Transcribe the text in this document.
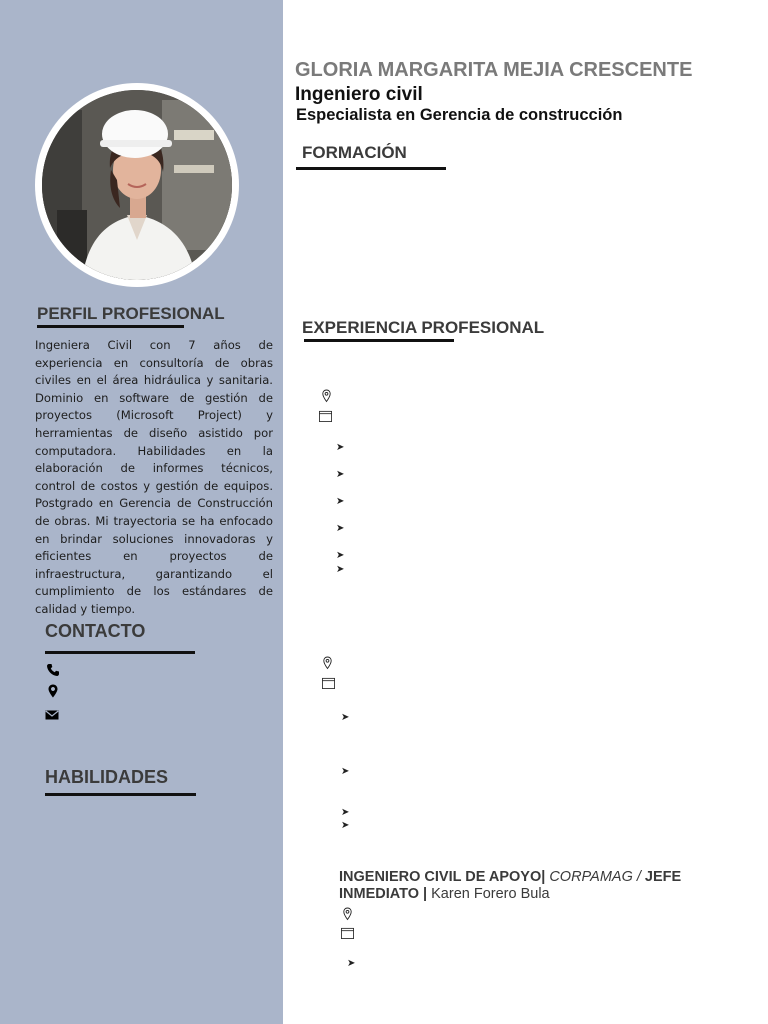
PERFIL PROFESIONAL

Ingeniera Civil con 7 años de experiencia en consultoría de obras civiles en el área hidráulica y sanitaria. Dominio en software de gestión de proyectos (Microsoft Project) y herramientas de diseño asistido por computadora. Habilidades en la elaboración de informes técnicos, control de costos y gestión de equipos. Postgrado en Gerencia de Construcción de obras. Mi trayectoria se ha enfocado en brindar soluciones innovadoras y eficientes en proyectos de infraestructura, garantizando el cumplimiento de los estándares de calidad y tiempo.

CONTACTO
HABILIDADES
GLORIA MARGARITA MEJIA CRESCENTE

Ingeniero civil

Especialista en Gerencia de construcción

FORMACIÓN
EXPERIENCIA PROFESIONAL
➤
➤
➤
➤
➤
➤
➤
➤
➤
➤

INGENIERO CIVIL DE APOYO| CORPAMAG / JEFE INMEDIATO | Karen Forero Bula

➤
